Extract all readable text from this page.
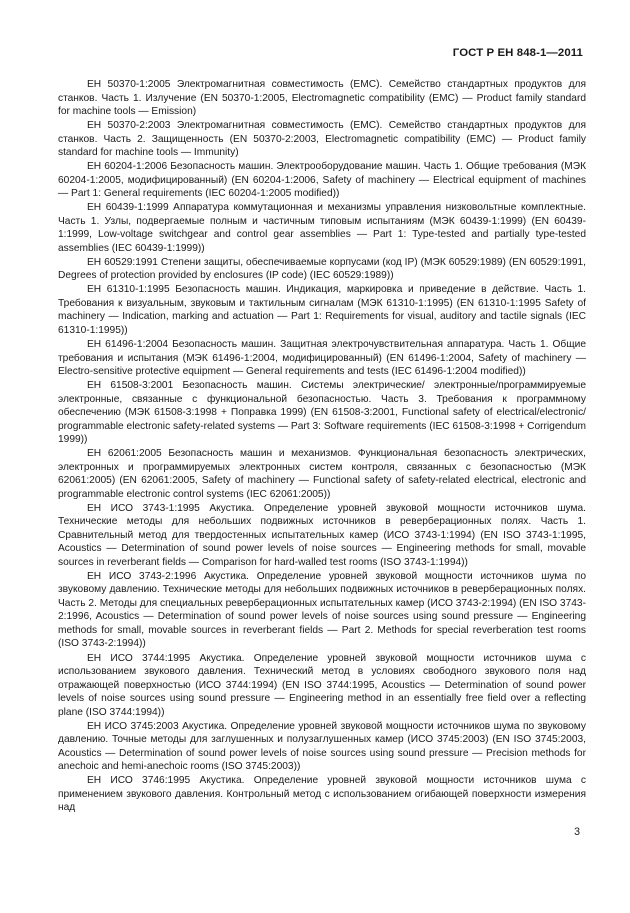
ГОСТ Р ЕН 848-1—2011

ЕН 50370-1:2005 Электромагнитная совместимость (ЕМС). Семейство стандартных продуктов для станков. Часть 1. Излучение (EN 50370-1:2005, Electromagnetic compatibility (EMC) — Product family standard for machine tools — Emission)

ЕН 50370-2:2003 Электромагнитная совместимость (ЕМС). Семейство стандартных продуктов для станков. Часть 2. Защищенность (EN 50370-2:2003, Electromagnetic compatibility (EMC) — Product family standard for machine tools — Immunity)

ЕН 60204-1:2006 Безопасность машин. Электрооборудование машин. Часть 1. Общие требования (МЭК 60204-1:2005, модифицированный) (EN 60204-1:2006, Safety of machinery — Electrical equipment of machines — Part 1: General requirements (IEC 60204-1:2005 modified))

ЕН 60439-1:1999 Аппаратура коммутационная и механизмы управления низковольтные комплектные. Часть 1. Узлы, подвергаемые полным и частичным типовым испытаниям (МЭК 60439-1:1999) (EN 60439-1:1999, Low-voltage switchgear and control gear assemblies — Part 1: Type-tested and partially type-tested assemblies (IEC 60439-1:1999))

ЕН 60529:1991 Степени защиты, обеспечиваемые корпусами (код IP) (МЭК 60529:1989) (EN 60529:1991, Degrees of protection provided by enclosures (IP code) (IEC 60529:1989))

ЕН 61310-1:1995 Безопасность машин. Индикация, маркировка и приведение в действие. Часть 1. Требования к визуальным, звуковым и тактильным сигналам (МЭК 61310-1:1995) (EN 61310-1:1995 Safety of machinery — Indication, marking and actuation — Part 1: Requirements for visual, auditory and tactile signals (IEC 61310-1:1995))

ЕН 61496-1:2004 Безопасность машин. Защитная электрочувствительная аппаратура. Часть 1. Общие требования и испытания (МЭК 61496-1:2004, модифицированный) (EN 61496-1:2004, Safety of machinery — Electro-sensitive protective equipment — General requirements and tests (IEC 61496-1:2004 modified))

ЕН 61508-3:2001 Безопасность машин. Системы электрические/ электронные/программируемые электронные, связанные с функциональной безопасностью. Часть 3. Требования к программному обеспечению (МЭК 61508-3:1998 + Поправка 1999) (EN 61508-3:2001, Functional safety of electrical/electronic/ programmable electronic safety-related systems — Part 3: Software requirements (IEC 61508-3:1998 + Corrigendum 1999))

ЕН 62061:2005 Безопасность машин и механизмов. Функциональная безопасность электрических, электронных и программируемых электронных систем контроля, связанных с безопасностью (МЭК 62061:2005) (EN 62061:2005, Safety of machinery — Functional safety of safety-related electrical, electronic and programmable electronic control systems (IEC 62061:2005))

ЕН ИСО 3743-1:1995 Акустика. Определение уровней звуковой мощности источников шума. Технические методы для небольших подвижных источников в реверберационных полях. Часть 1. Сравнительный метод для твердостенных испытательных камер (ИСО 3743-1:1994) (EN ISO 3743-1:1995, Acoustics — Determination of sound power levels of noise sources — Engineering methods for small, movable sources in reverberant fields — Comparison for hard-walled test rooms (ISO 3743-1:1994))

ЕН ИСО 3743-2:1996 Акустика. Определение уровней звуковой мощности источников шума по звуковому давлению. Технические методы для небольших подвижных источников в реверберационных полях. Часть 2. Методы для специальных реверберационных испытательных камер (ИСО 3743-2:1994) (EN ISO 3743-2:1996, Acoustics — Determination of sound power levels of noise sources using sound pressure — Engineering methods for small, movable sources in reverberant fields — Part 2. Methods for special reverberation test rooms (ISO 3743-2:1994))

ЕН ИСО 3744:1995 Акустика. Определение уровней звуковой мощности источников шума с использованием звукового давления. Технический метод в условиях свободного звукового поля над отражающей поверхностью (ИСО 3744:1994) (EN ISO 3744:1995, Acoustics — Determination of sound power levels of noise sources using sound pressure — Engineering method in an essentially free field over a reflecting plane (ISO 3744:1994))

ЕН ИСО 3745:2003 Акустика. Определение уровней звуковой мощности источников шума по звуковому давлению. Точные методы для заглушенных и полузаглушенных камер (ИСО 3745:2003) (EN ISO 3745:2003, Acoustics — Determination of sound power levels of noise sources using sound pressure — Precision methods for anechoic and hemi-anechoic rooms (ISO 3745:2003))

ЕН ИСО 3746:1995 Акустика. Определение уровней звуковой мощности источников шума с применением звукового давления. Контрольный метод с использованием огибающей поверхности измерения над

3
